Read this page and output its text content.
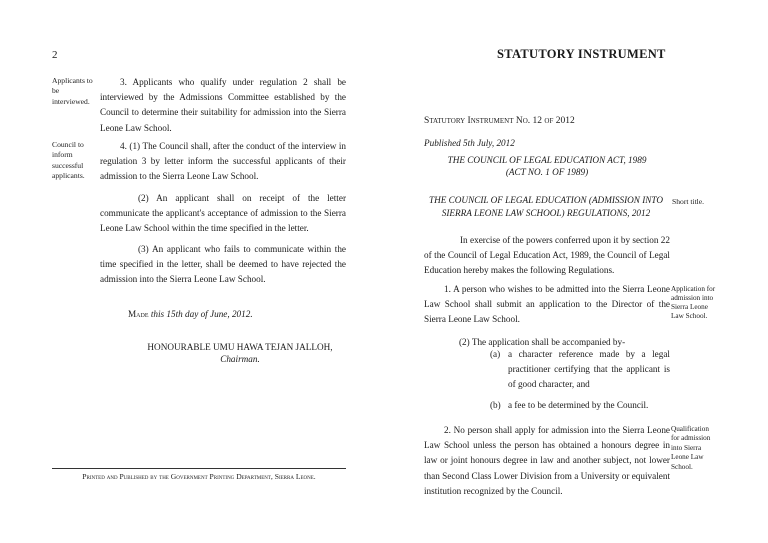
2
Applicants to be interviewed.
3. Applicants who qualify under regulation 2 shall be interviewed by the Admissions Committee established by the Council to determine their suitability for admission into the Sierra Leone Law School.
Council to inform successful applicants.
4. (1) The Council shall, after the conduct of the interview in regulation 3 by letter inform the successful applicants of their admission to the Sierra Leone Law School.
(2) An applicant shall on receipt of the letter communicate the applicant's acceptance of admission to the Sierra Leone Law School within the time specified in the letter.
(3) An applicant who fails to communicate within the time specified in the letter, shall be deemed to have rejected the admission into the Sierra Leone Law School.
Made this 15th day of June, 2012.
HONOURABLE UMU HAWA TEJAN JALLOH,
Chairman.
Printed and Published by the Government Printing Department, Sierra Leone.
STATUTORY INSTRUMENT
Statutory Instrument No. 12 of 2012
Published 5th July, 2012
THE COUNCIL OF LEGAL EDUCATION ACT, 1989
(ACT NO. 1 OF 1989)
THE COUNCIL OF LEGAL EDUCATION (ADMISSION INTO
SIERRA LEONE LAW SCHOOL) REGULATIONS, 2012
Short title.
In exercise of the powers conferred upon it by section 22 of the Council of Legal Education Act, 1989, the Council of Legal Education hereby makes the following Regulations.
Application for admission into Sierra Leone Law School.
1. A person who wishes to be admitted into the Sierra Leone Law School shall submit an application to the Director of the Sierra Leone Law School.
(2) The application shall be accompanied by-
(a) a character reference made by a legal practitioner certifying that the applicant is of good character, and
(b) a fee to be determined by the Council.
Qualification for admission into Sierra Leone Law School.
2. No person shall apply for admission into the Sierra Leone Law School unless the person has obtained a honours degree in law or joint honours degree in law and another subject, not lower than Second Class Lower Division from a University or equivalent institution recognized by the Council.
